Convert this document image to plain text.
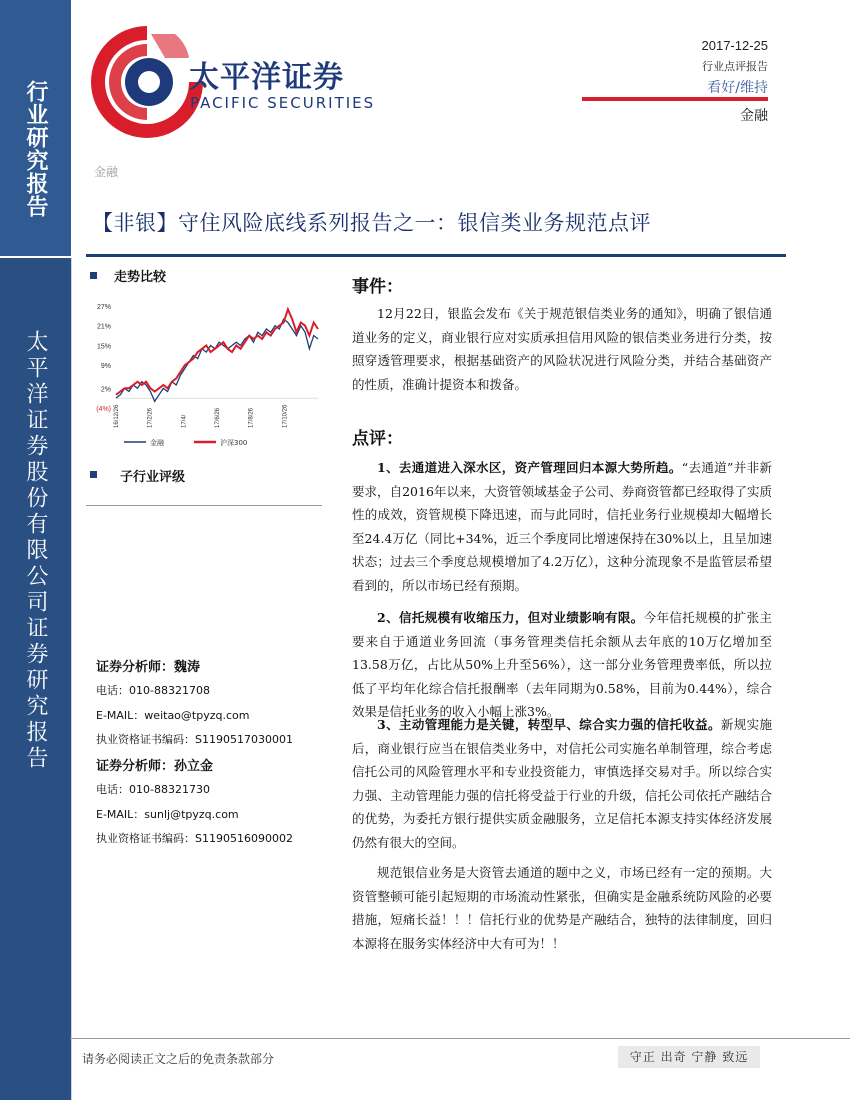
行业研究报告
太平洋证券股份有限公司证券研究报告
太平洋证券
PACIFIC SECURITIES
2017-12-25
行业点评报告
看好/维持
金融
金融
【非银】守住风险底线系列报告之一：银信类业务规范点评
走势比较
27%
21%
15%
9%
2%
(4%) 16/12/26	17/2/26	17/4/	17/6/26	17/8/26	17/10/26
金融	沪深300
子行业评级
证券分析师：魏涛
电话：010-88321708
E-MAIL：weitao@tpyzq.com
执业资格证书编码：S1190517030001
证券分析师：孙立金
电话：010-88321730
E-MAIL：sunlj@tpyzq.com
执业资格证书编码：S1190516090002
事件：

12月22日，银监会发布《关于规范银信类业务的通知》，明确了银信通道业务的定义，商业银行应对实质承担信用风险的银信类业务进行分类，按照穿透管理要求，根据基础资产的风险状况进行风险分类，并结合基础资产的性质，准确计提资本和拨备。

点评：

1、去通道进入深水区，资产管理回归本源大势所趋。“去通道”并非新要求，自2016年以来，大资管领域基金子公司、券商资管都已经取得了实质性的成效，资管规模下降迅速，而与此同时，信托业务行业规模却大幅增长至24.4万亿（同比+34%，近三个季度同比增速保持在30%以上，且呈加速状态；过去三个季度总规模增加了4.2万亿），这种分流现象不是监管层希望看到的，所以市场已经有预期。

2、信托规模有收缩压力，但对业绩影响有限。今年信托规模的扩张主要来自于通道业务回流（事务管理类信托余额从去年底的10万亿增加至13.58万亿，占比从50%上升至56%），这一部分业务管理费率低，所以拉低了平均年化综合信托报酬率（去年同期为0.58%，目前为0.44%），综合效果是信托业务的收入小幅上涨3%。

3、主动管理能力是关键，转型早、综合实力强的信托收益。新规实施后，商业银行应当在银信类业务中，对信托公司实施名单制管理，综合考虑信托公司的风险管理水平和专业投资能力，审慎选择交易对手。所以综合实力强、主动管理能力强的信托将受益于行业的升级，信托公司依托产融结合的优势，为委托方银行提供实质金融服务，立足信托本源支持实体经济发展仍然有很大的空间。

规范银信业务是大资管去通道的题中之义，市场已经有一定的预期。大资管整顿可能引起短期的市场流动性紧张，但确实是金融系统防风险的必要措施，短痛长益！！！信托行业的优势是产融结合，独特的法律制度，回归本源将在服务实体经济中大有可为！！

请务必阅读正文之后的免责条款部分	守正 出奇 宁静 致远
